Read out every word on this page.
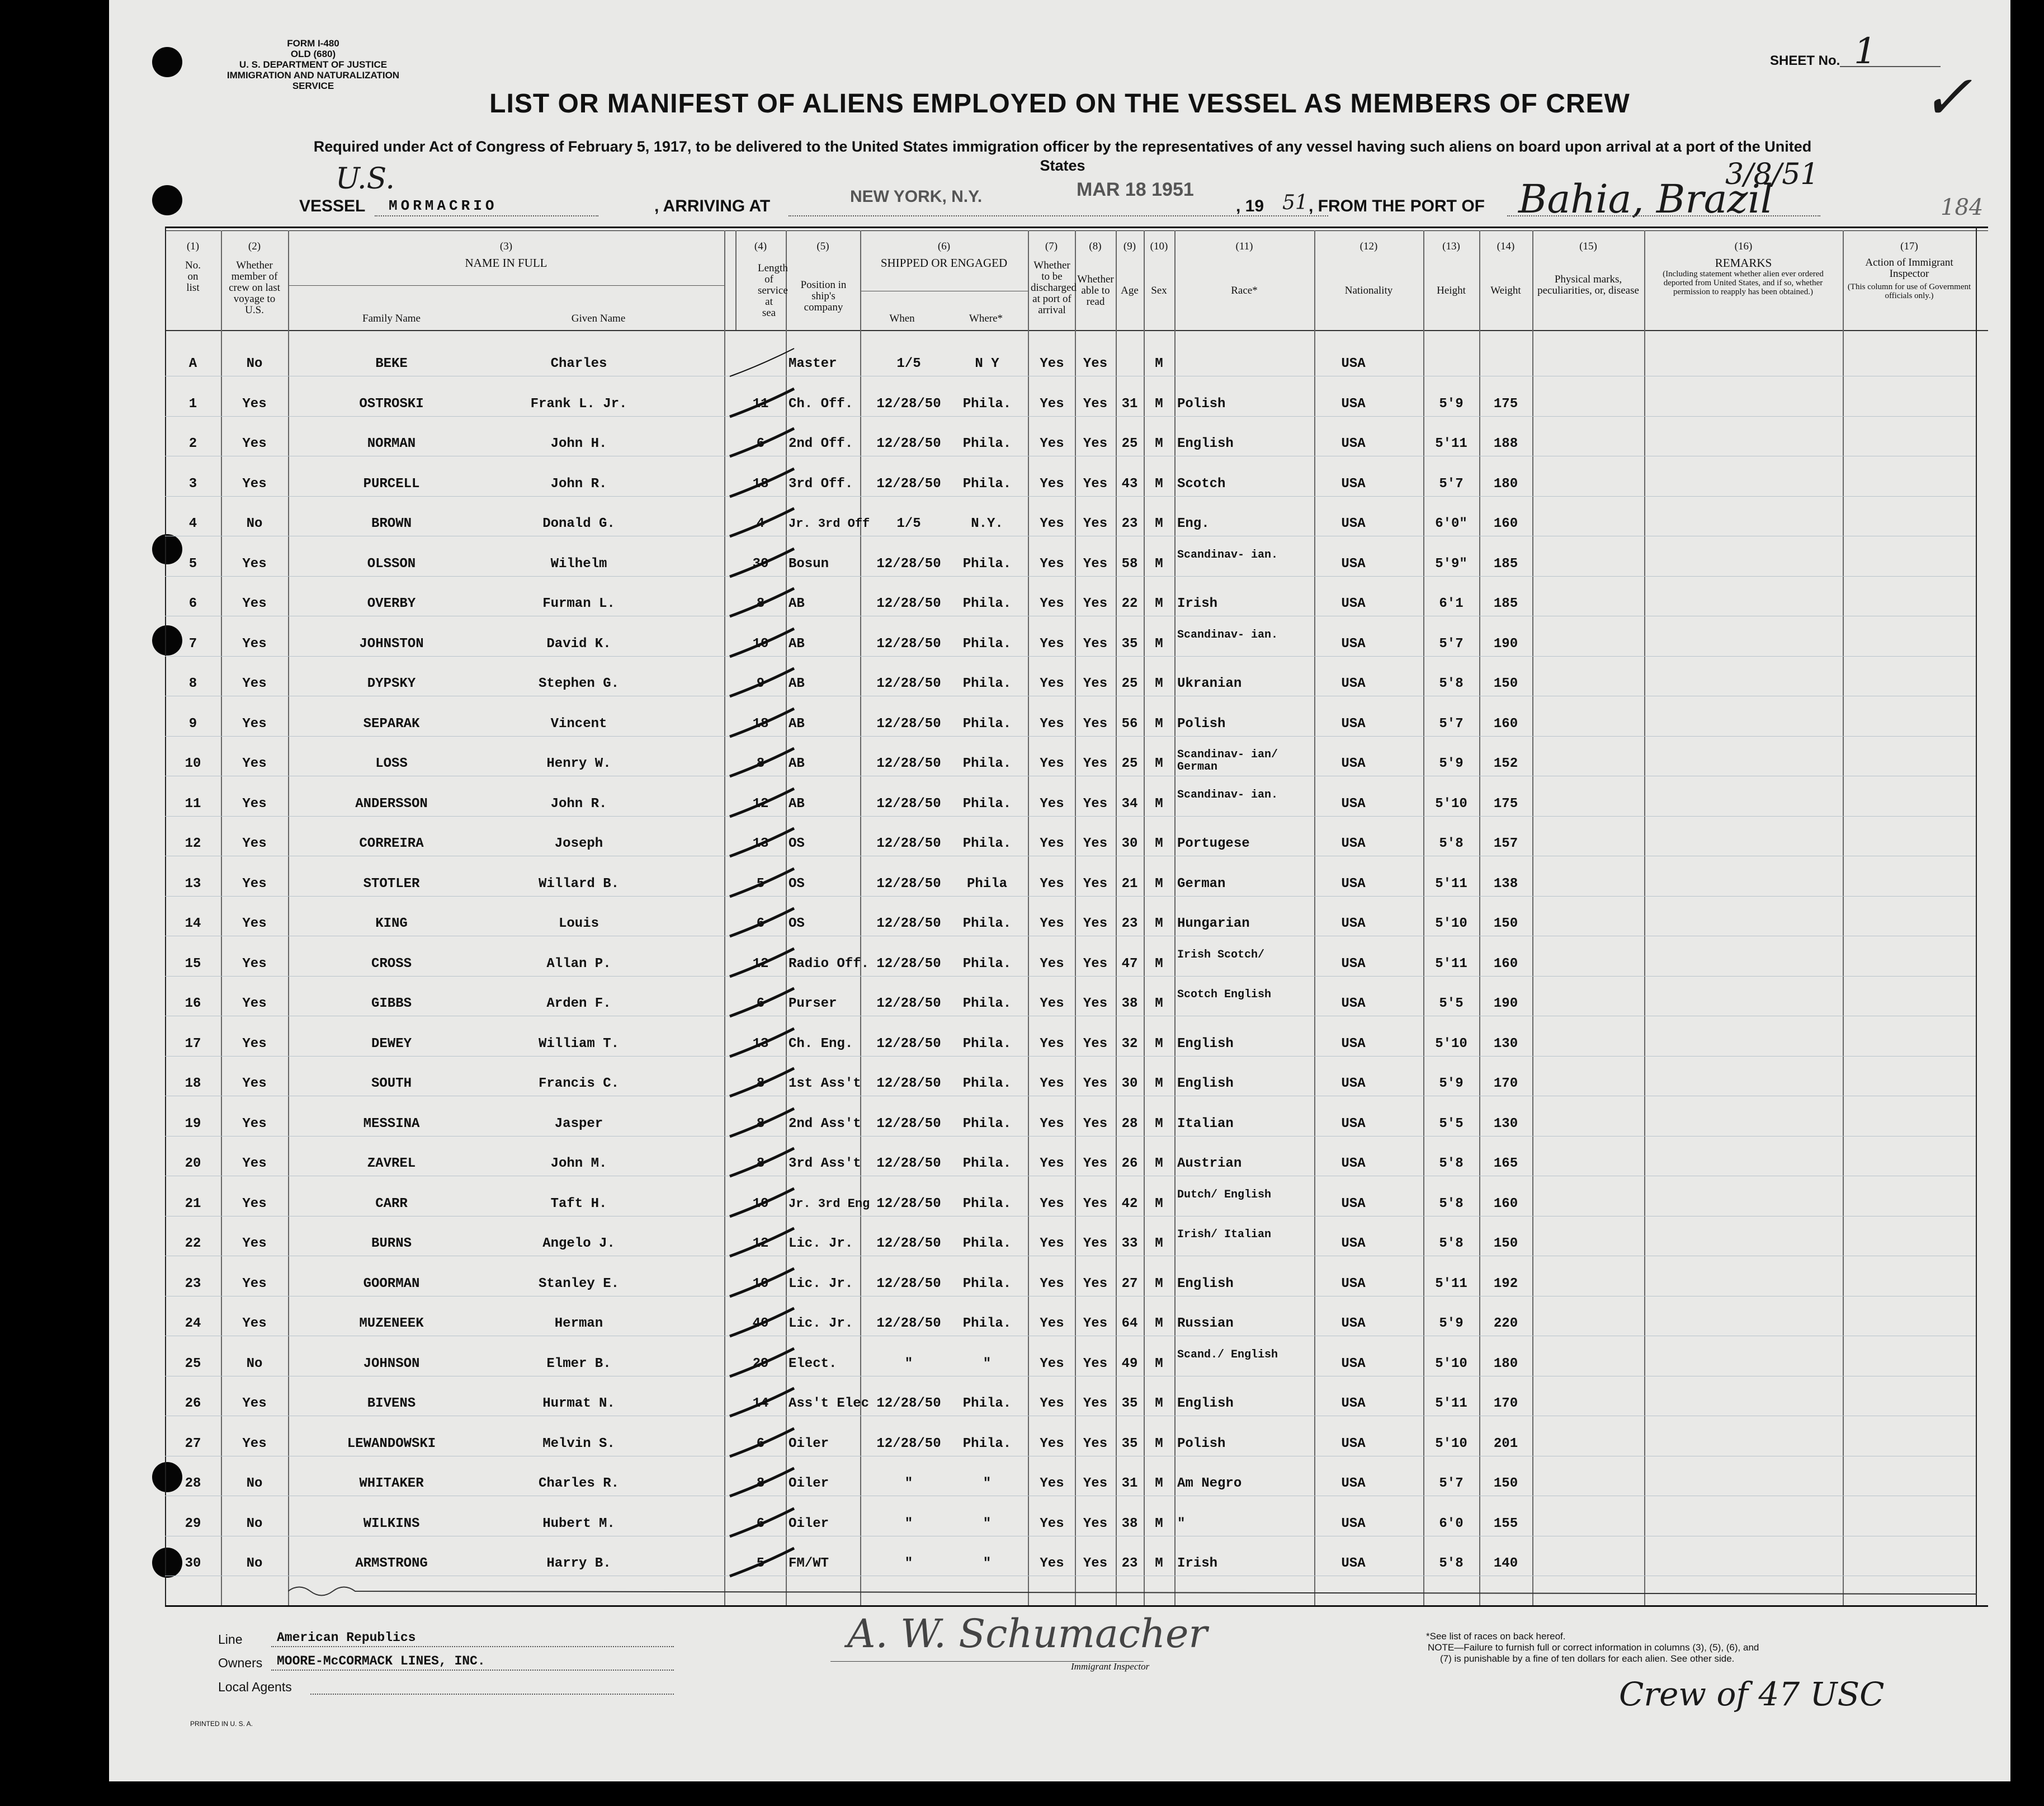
FORM I-480
OLD (680)
U. S. DEPARTMENT OF JUSTICE
IMMIGRATION AND NATURALIZATION SERVICE
SHEET No. 1
✓
LIST OR MANIFEST OF ALIENS EMPLOYED ON THE VESSEL AS MEMBERS OF CREW
Required under Act of Congress of February 5, 1917, to be delivered to the United States immigration officer by the representatives of any vessel having such aliens on board upon arrival at a port of the United States
U.S.
VESSEL MORMACRIO	, ARRIVING AT
NEW YORK, N.Y.	MAR 18 1951
, 19 51 , FROM THE PORT OF Bahia, Brazil
3/8/51
184
(1)	(2)	(3)	(4)	(5)	(6)	(7)	(8)	(9)	(10)	(11)	(12)	(13)	(14)	(15)	(16)	(17)
No. on list
Whether member of crew on last voyage to U.S.
NAME IN FULL
Family Name	Given Name
Length of service at sea
Position in ship's company
SHIPPED OR ENGAGED
When	Where*
Whether to be discharged at port of arrival
Whether able to read
Age	Sex	Race*	Nationality	Height	Weight
Physical marks, peculiarities, or, disease
REMARKS
(Including statement whether alien ever ordered deported from United States, and if so, whether permission to reapply has been obtained.)
Action of Immigrant Inspector
(This column for use of Government officials only.)
A	No	BEKE	Charles	Master	1/5	N Y	Yes	Yes	M	USA
1	Yes	OSTROSKI	Frank L. Jr.	11	Ch. Off.	12/28/50	Phila.	Yes	Yes	31	M	Polish	USA	5'9	175
2	Yes	NORMAN	John H.	6	2nd Off.	12/28/50	Phila.	Yes	Yes	25	M	English	USA	5'11	188
3	Yes	PURCELL	John R.	18	3rd Off.	12/28/50	Phila.	Yes	Yes	43	M	Scotch	USA	5'7	180
4	No	BROWN	Donald G.	4	Jr. 3rd Off	1/5	N.Y.	Yes	Yes	23	M	Eng.	USA	6'0"	160
5	Yes	OLSSON	Wilhelm	30	Bosun	12/28/50	Phila.	Yes	Yes	58	M
Scandinav- ian.
USA	5'9"	185
6	Yes	OVERBY	Furman L.	8	AB	12/28/50	Phila.	Yes	Yes	22	M	Irish	USA	6'1	185
7	Yes	JOHNSTON	David K.	10	AB	12/28/50	Phila.	Yes	Yes	35	M
Scandinav- ian.
USA	5'7	190
8	Yes	DYPSKY	Stephen G.	9	AB	12/28/50	Phila.	Yes	Yes	25	M	Ukranian	USA	5'8	150
9	Yes	SEPARAK	Vincent	18	AB	12/28/50	Phila.	Yes	Yes	56	M	Polish	USA	5'7	160
10	Yes	LOSS	Henry W.	8	AB	12/28/50	Phila.	Yes	Yes	25	M
Scandinav- ian/ German	USA	5'9	152
11	Yes	ANDERSSON	John R.	12	AB	12/28/50	Phila.	Yes	Yes	34	M
Scandinav- ian.
USA	5'10	175
12	Yes	CORREIRA	Joseph	13	OS	12/28/50	Phila.	Yes	Yes	30	M	Portugese	USA	5'8	157
13	Yes	STOTLER	Willard B.	5	OS	12/28/50	Phila	Yes	Yes	21	M	German	USA	5'11	138
14	Yes	KING	Louis	6	OS	12/28/50	Phila.	Yes	Yes	23	M	Hungarian	USA	5'10	150
15	Yes	CROSS	Allan P.	12	Radio Off. 12/28/50	Phila.	Yes	Yes	47	M
Irish Scotch/
USA	5'11	160
16	Yes	GIBBS	Arden F.	6	Purser	12/28/50	Phila.	Yes	Yes	38	M
Scotch English
USA	5'5	190
17	Yes	DEWEY	William T.	13	Ch. Eng.	12/28/50	Phila.	Yes	Yes	32	M	English	USA	5'10	130
18	Yes	SOUTH	Francis C.	8	1st Ass't	12/28/50	Phila.	Yes	Yes	30	M	English	USA	5'9	170
19	Yes	MESSINA	Jasper	8	2nd Ass't	12/28/50	Phila.	Yes	Yes	28	M	Italian	USA	5'5	130
20	Yes	ZAVREL	John M.	8	3rd Ass't	12/28/50	Phila.	Yes	Yes	26	M	Austrian	USA	5'8	165
21	Yes	CARR	Taft H.	10	Jr. 3rd Eng 12/28/50	Phila.	Yes	Yes	42	M
Dutch/ English
USA	5'8	160
22	Yes	BURNS	Angelo J.	12	Lic. Jr.	12/28/50	Phila.	Yes	Yes	33	M
Irish/ Italian
USA	5'8	150
23	Yes	GOORMAN	Stanley E.	10	Lic. Jr.	12/28/50	Phila.	Yes	Yes	27	M	English	USA	5'11	192
24	Yes	MUZENEEK	Herman	40	Lic. Jr.	12/28/50	Phila.	Yes	Yes	64	M	Russian	USA	5'9	220
25	No	JOHNSON	Elmer B.	29	Elect.	"	"	Yes	Yes	49	M
Scand./ English
USA	5'10	180
26	Yes	BIVENS	Hurmat N.	14	Ass't Elec 12/28/50	Phila.	Yes	Yes	35	M	English	USA	5'11	170
27	Yes	LEWANDOWSKI	Melvin S.	6	Oiler	12/28/50	Phila.	Yes	Yes	35	M	Polish	USA	5'10	201
28	No	WHITAKER	Charles R.	8	Oiler	"	"	Yes	Yes	31	M	Am Negro	USA	5'7	150
29	No	WILKINS	Hubert M.	6	Oiler	"	"	Yes	Yes	38	M	"	USA	6'0	155
30	No	ARMSTRONG	Harry B.	5	FM/WT	"	"	Yes	Yes	23	M	Irish	USA	5'8	140
Line	American Republics
Owners MOORE-McCORMACK LINES, INC.
Local Agents
A. W. Schumacher
Immigrant Inspector
*See list of races on back hereof.
NOTE—Failure to furnish full or correct information in columns (3), (5), (6), and
(7) is punishable by a fine of ten dollars for each alien. See other side.
Crew of 47 USC
PRINTED IN U. S. A.
